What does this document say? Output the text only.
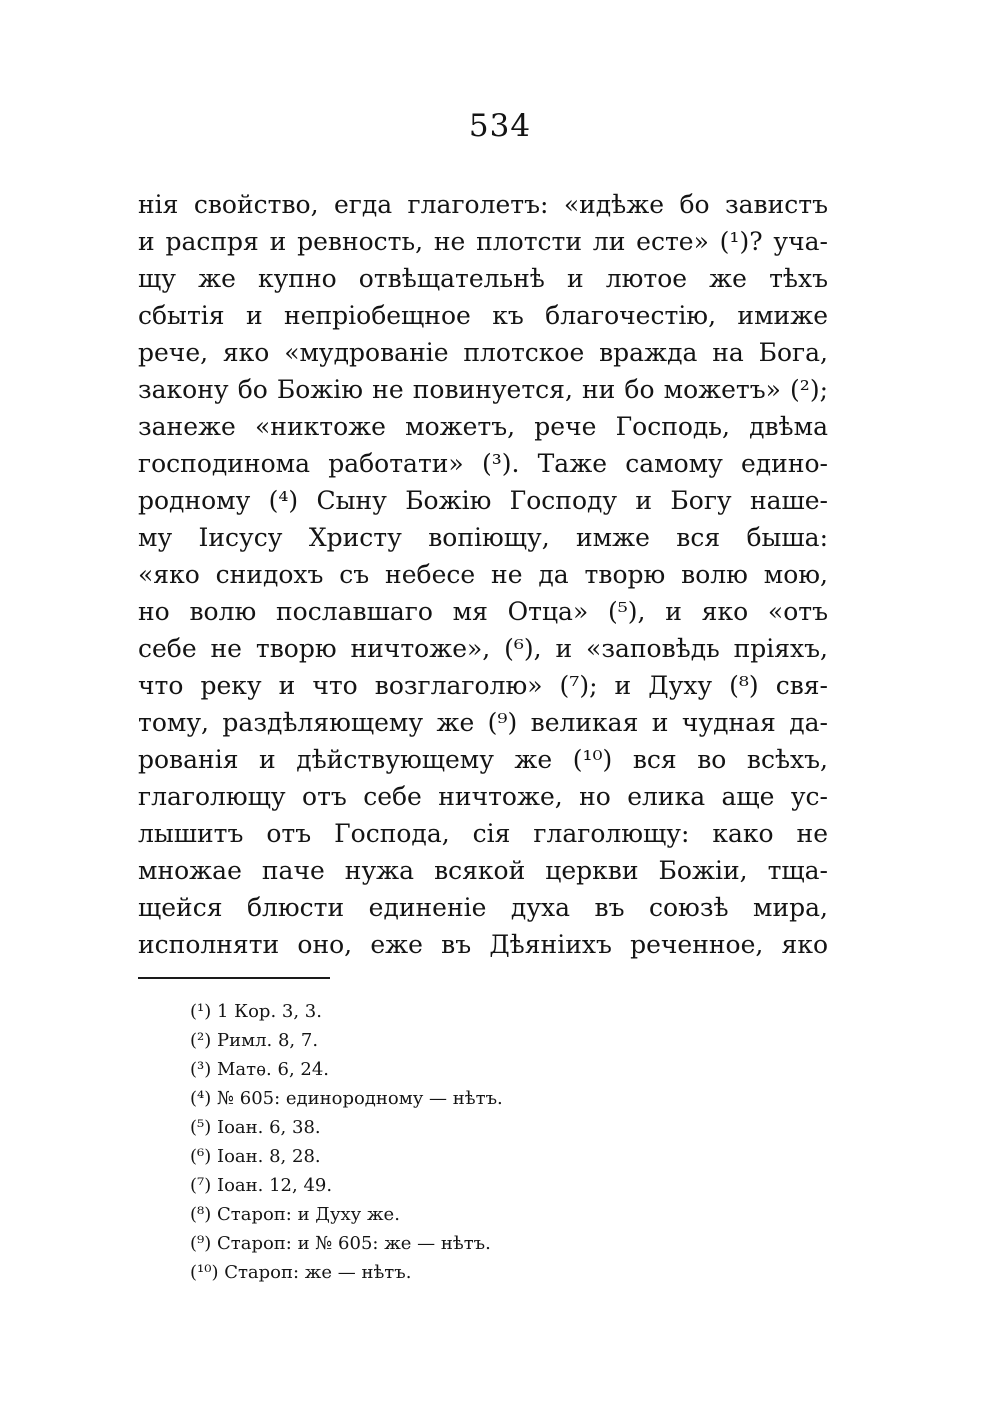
534
нія свойство, егда глаголетъ: «идѣже бо завистъ
и распря и ревность, не плотсти ли есте» (¹)? уча-
щу же купно отвѣщательнѣ и лютое же тѣхъ
сбытія и непріобещное къ благочестію, имиже
рече, яко «мудрованіе плотское вражда на Бога,
закону бо Божію не повинуется, ни бо можетъ» (²);
занеже «никтоже можетъ, рече Господь, двѣма
господинома работати» (³). Таже самому едино-
родному (⁴) Сыну Божію Господу и Богу наше-
му Іисусу Христу вопіющу, имже вся быша:
«яко снидохъ съ небесе не да творю волю мою,
но волю пославшаго мя Отца» (⁵), и яко «отъ
себе не творю ничтоже», (⁶), и «заповѣдь пріяхъ,
что реку и что возглаголю» (⁷); и Духу (⁸) свя-
тому, раздѣляющему же (⁹) великая и чудная да-
рованія и дѣйствующему же (¹⁰) вся во всѣхъ,
глаголющу отъ себе ничтоже, но елика аще ус-
лышитъ отъ Господа, сія глаголющу: како не
множае паче нужа всякой церкви Божіи, тща-
щейся блюсти единеніе духа въ союзѣ мира,
исполняти оно, еже въ Дѣяніихъ реченное, яко
(¹) 1 Кор. 3, 3.
(²) Римл. 8, 7.
(³) Матѳ. 6, 24.
(⁴) № 605: единородному — нѣтъ.
(⁵) Іоан. 6, 38.
(⁶) Іоан. 8, 28.
(⁷) Іоан. 12, 49.
(⁸) Староп: и Духу же.
(⁹) Староп: и № 605: же — нѣтъ.
(¹⁰) Староп: же — нѣтъ.
